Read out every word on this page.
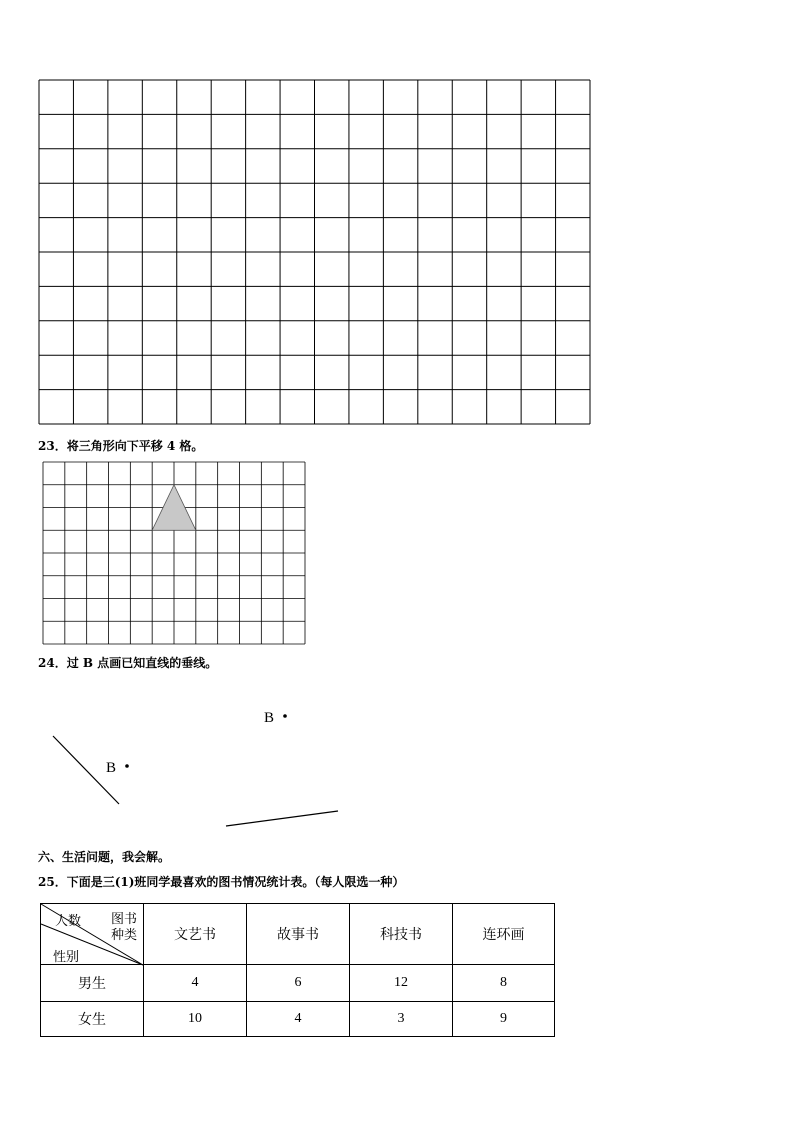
23．将三角形向下平移 4 格。
24．过 B 点画已知直线的垂线。
B
B
六、生活问题，我会解。
25．下面是三(1)班同学最喜欢的图书情况统计表。（每人限选一种）
图书
种类
人数
性别	文艺书	故事书	科技书	连环画
男生	4	6	12	8
女生	10	4	3	9
